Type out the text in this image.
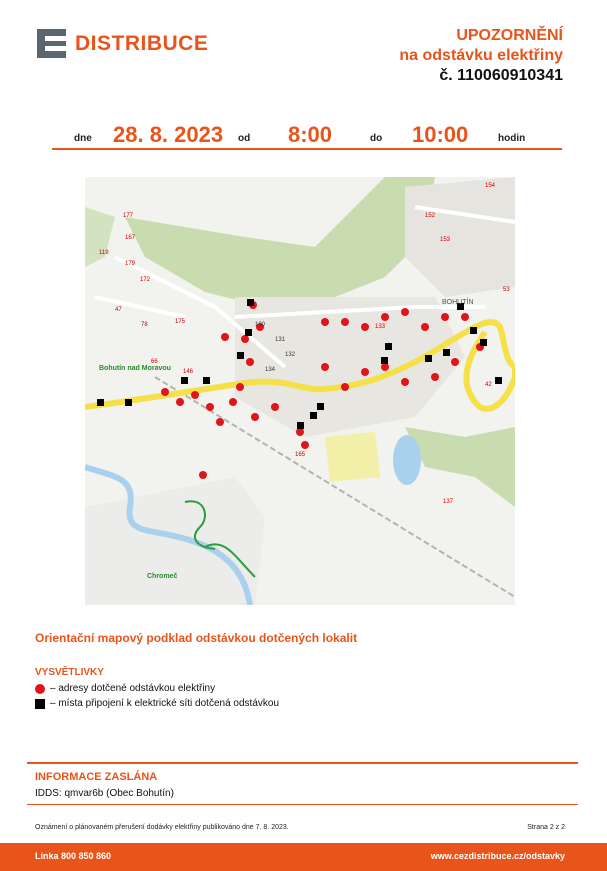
DISTRIBUCE	UPOZORNĚNÍ
na odstávku elektřiny
č. 110060910341
dne 28. 8. 2023 od 8:00	do 10:00	hodin
Bohutín nad Moravou
BOHUTÍN
Chromeč
177
167
119
172
179
47
78	175
66
146	134
132
131
130	133
154
152
153
53
42
165
137
Orientační mapový podklad odstávkou dotčených lokalit
VYSVĚTLIVKY
– adresy dotčené odstávkou elektřiny
– místa připojení k elektrické síti dotčená odstávkou
INFORMACE ZASLÁNA
IDDS: qmvar6b (Obec Bohutín)
Oznámení o plánovaném přerušení dodávky elektřiny publikováno dne 7. 8. 2023.	Strana 2 z 2
Linka 800 850 860	www.cezdistribuce.cz/odstavky
